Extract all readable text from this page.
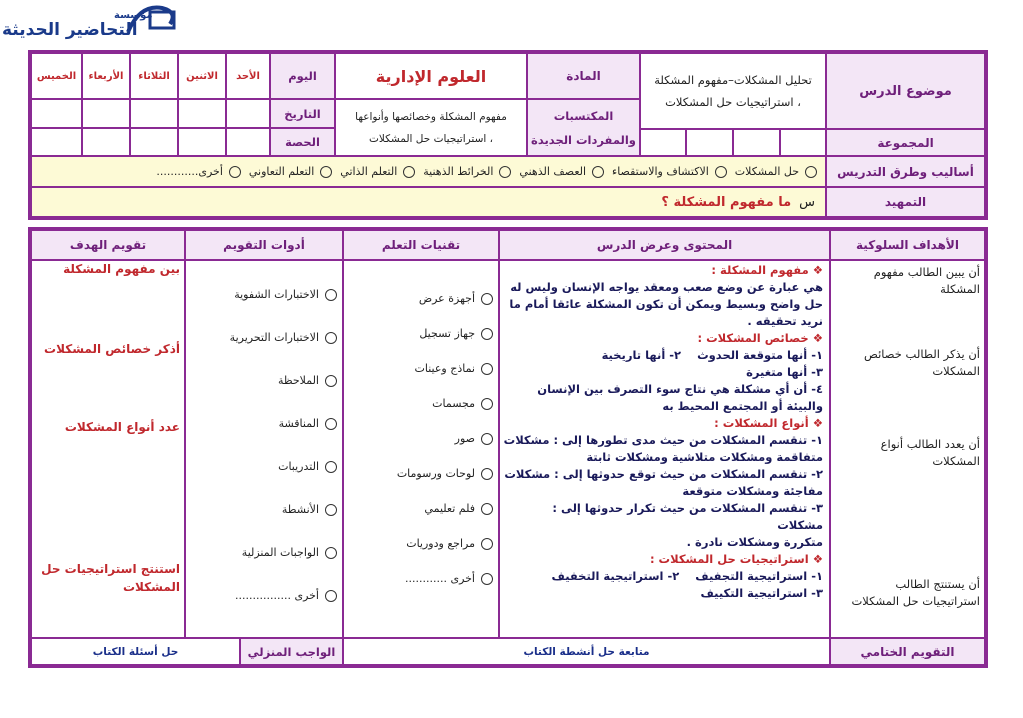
مؤسسة
التحاضير الحديثة
موضوع الدرس
تحليل المشكلات–مفهوم المشكلة
، استراتيجيات حل المشكلات
المجموعة
المادة
المكتسبات
والمفردات الجديدة
العلوم الإدارية
مفهوم المشكلة وخصائصها وأنواعها
، استراتيجيات حل المشكلات
اليوم
التاريخ
الحصة
الأحد
الاثنين
الثلاثاء
الأربعاء
الخميس
أساليب وطرق التدريس
حل المشكلات
الاكتشاف والاستقصاء
العصف الذهني
الخرائط الذهنية
التعلم الذاتي
التعلم التعاوني
أخرى............
التمهيد
س
ما مفهوم المشكلة ؟
الأهداف السلوكية
المحتوى وعرض الدرس
تقنيات التعلم
أدوات التقويم
تقويم الهدف
أن يبين الطالب مفهوم المشكلة
أن يذكر الطالب خصائص المشكلات
أن يعدد الطالب أنواع المشكلات
أن يستنتج الطالب استراتيجيات حل المشكلات
❖مفهوم المشكلة :
هي عبارة عن وضع صعب ومعقد يواجه الإنسان وليس له
حل واضح وبسيط ويمكن أن تكون المشكلة عائقا أمام ما
نريد تحقيقه .
❖خصائص المشكلات :
١- أنها متوقعة الحدوث    ٢- أنها تاريخية
٣- أنها متغيرة
٤- أن أي مشكلة هي نتاج سوء التصرف بين الإنسان
والبيئة أو المجتمع المحيط به
❖أنواع المشكلات :
١- تنقسم المشكلات من حيث مدى تطورها إلى : مشكلات
متفاقمة ومشكلات متلاشية ومشكلات ثابتة
٢- تنقسم المشكلات من حيث توقع حدوثها إلى : مشكلات
مفاجئة ومشكلات متوقعة
٣- تنقسم المشكلات من حيث تكرار حدوثها إلى : مشكلات
متكررة ومشكلات نادرة .
❖استراتيجيات حل المشكلات :
١- استراتيجية التجفيف    ٢- استراتيجية التخفيف
٣- استراتيجية التكييف
أجهزة عرض
جهاز تسجيل
نماذج وعينات
مجسمات
صور
لوحات ورسومات
فلم تعليمي
مراجع ودوريات
أخرى ............
الاختبارات الشفوية
الاختبارات التحريرية
الملاحظة
المناقشة
التدريبات
الأنشطة
الواجبات المنزلية
أخرى ................
بين مفهوم المشكلة
أذكر خصائص المشكلات
عدد أنواع المشكلات
استنتج استراتيجيات حل المشكلات
التقويم الختامي
متابعة حل أنشطة الكتاب
الواجب المنزلي
حل أسئلة الكتاب
